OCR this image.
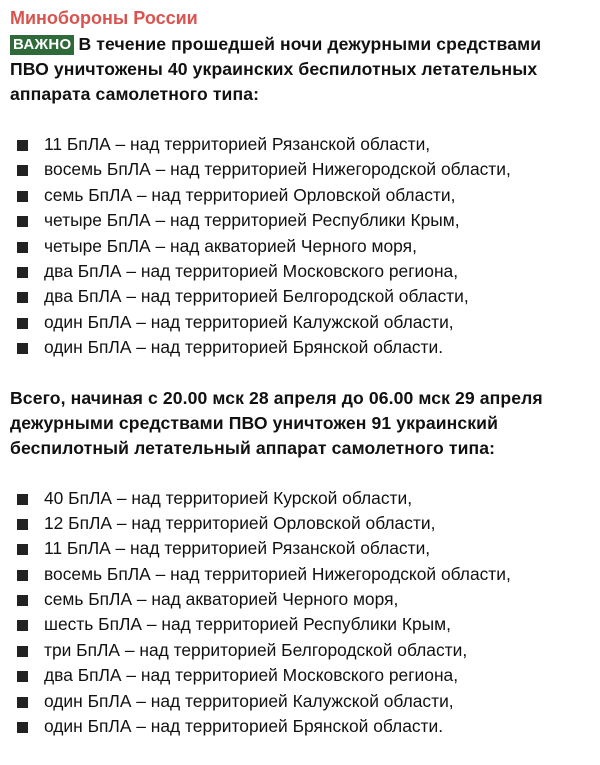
Минобороны России
ВАЖНО В течение прошедшей ночи дежурными средствами
ПВО уничтожены 40 украинских беспилотных летательных
аппарата самолетного типа:
11 БпЛА – над территорией Рязанской области,
восемь БпЛА – над территорией Нижегородской области,
семь БпЛА – над территорией Орловской области,
четыре БпЛА – над территорией Республики Крым,
четыре БпЛА – над акваторией Черного моря,
два БпЛА – над территорией Московского региона,
два БпЛА – над территорией Белгородской области,
один БпЛА – над территорией Калужской области,
один БпЛА – над территорией Брянской области.
Всего, начиная с 20.00 мск 28 апреля до 06.00 мск 29 апреля
дежурными средствами ПВО уничтожен 91 украинский
беспилотный летательный аппарат самолетного типа:
40 БпЛА – над территорией Курской области,
12 БпЛА – над территорией Орловской области,
11 БпЛА – над территорией Рязанской области,
восемь БпЛА – над территорией Нижегородской области,
семь БпЛА – над акваторией Черного моря,
шесть БпЛА – над территорией Республики Крым,
три БпЛА – над территорией Белгородской области,
два БпЛА – над территорией Московского региона,
один БпЛА – над территорией Калужской области,
один БпЛА – над территорией Брянской области.
